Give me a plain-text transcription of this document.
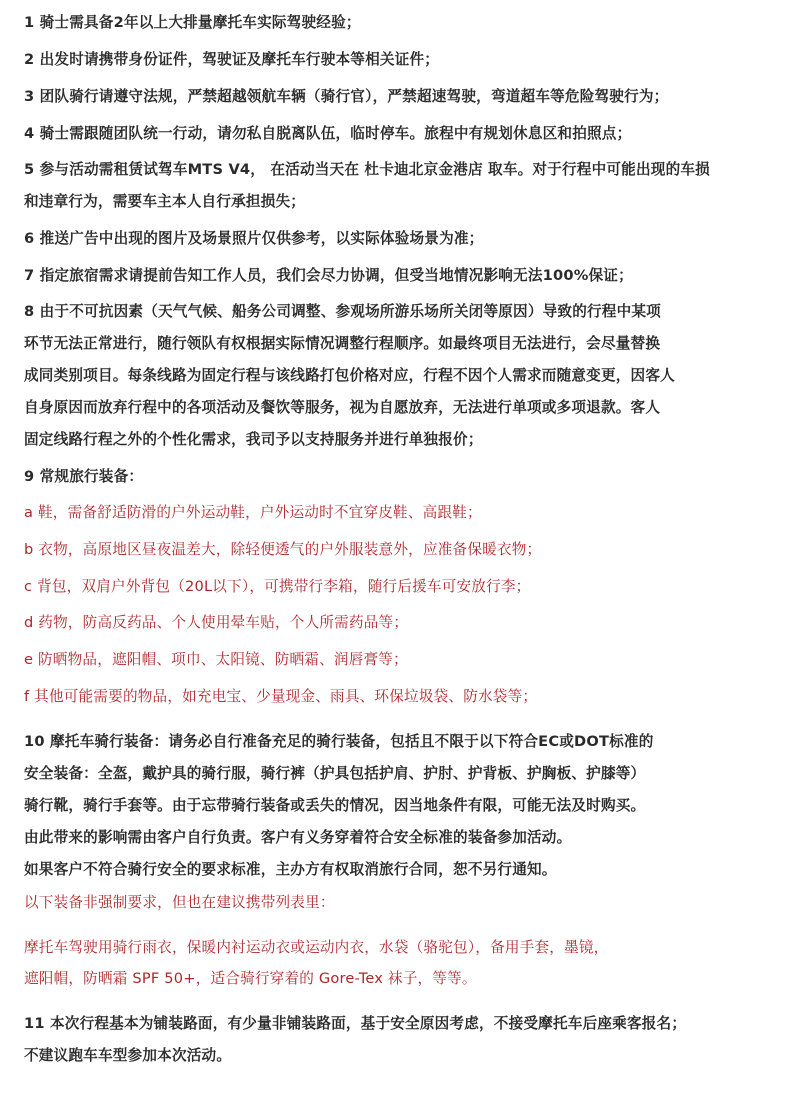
1 骑士需具备2年以上大排量摩托车实际驾驶经验；
2 出发时请携带身份证件，驾驶证及摩托车行驶本等相关证件；
3 团队骑行请遵守法规，严禁超越领航车辆（骑行官），严禁超速驾驶，弯道超车等危险驾驶行为；
4 骑士需跟随团队统一行动，请勿私自脱离队伍，临时停车。旅程中有规划休息区和拍照点；
5 参与活动需租赁试驾车MTS V4， 在活动当天在 杜卡迪北京金港店 取车。对于行程中可能出现的车损
和违章行为，需要车主本人自行承担损失；
6 推送广告中出现的图片及场景照片仅供参考，以实际体验场景为准；
7 指定旅宿需求请提前告知工作人员，我们会尽力协调，但受当地情况影响无法100%保证；
8 由于不可抗因素（天气气候、船务公司调整、参观场所游乐场所关闭等原因）导致的行程中某项
环节无法正常进行，随行领队有权根据实际情况调整行程顺序。如最终项目无法进行，会尽量替换
成同类别项目。每条线路为固定行程与该线路打包价格对应，行程不因个人需求而随意变更，因客人
自身原因而放弃行程中的各项活动及餐饮等服务，视为自愿放弃，无法进行单项或多项退款。客人
固定线路行程之外的个性化需求，我司予以支持服务并进行单独报价；
9 常规旅行装备：
a 鞋，需备舒适防滑的户外运动鞋，户外运动时不宜穿皮鞋、高跟鞋；
b 衣物，高原地区昼夜温差大，除轻便透气的户外服装意外，应准备保暖衣物；
c 背包，双肩户外背包（20L以下），可携带行李箱，随行后援车可安放行李；
d 药物，防高反药品、个人使用晕车贴，个人所需药品等；
e 防晒物品，遮阳帽、项巾、太阳镜、防晒霜、润唇膏等；
f 其他可能需要的物品，如充电宝、少量现金、雨具、环保垃圾袋、防水袋等；
10 摩托车骑行装备：请务必自行准备充足的骑行装备，包括且不限于以下符合EC或DOT标准的
安全装备：全盔，戴护具的骑行服，骑行裤（护具包括护肩、护肘、护背板、护胸板、护膝等）
骑行靴，骑行手套等。由于忘带骑行装备或丢失的情况，因当地条件有限，可能无法及时购买。
由此带来的影响需由客户自行负责。客户有义务穿着符合安全标准的装备参加活动。
如果客户不符合骑行安全的要求标准，主办方有权取消旅行合同，恕不另行通知。
以下装备非强制要求，但也在建议携带列表里：
摩托车驾驶用骑行雨衣，保暖内衬运动衣或运动内衣，水袋（骆驼包），备用手套，墨镜，
遮阳帽，防晒霜 SPF 50+，适合骑行穿着的 Gore-Tex 袜子，等等。
11 本次行程基本为铺装路面，有少量非铺装路面，基于安全原因考虑，不接受摩托车后座乘客报名；
不建议跑车车型参加本次活动。
